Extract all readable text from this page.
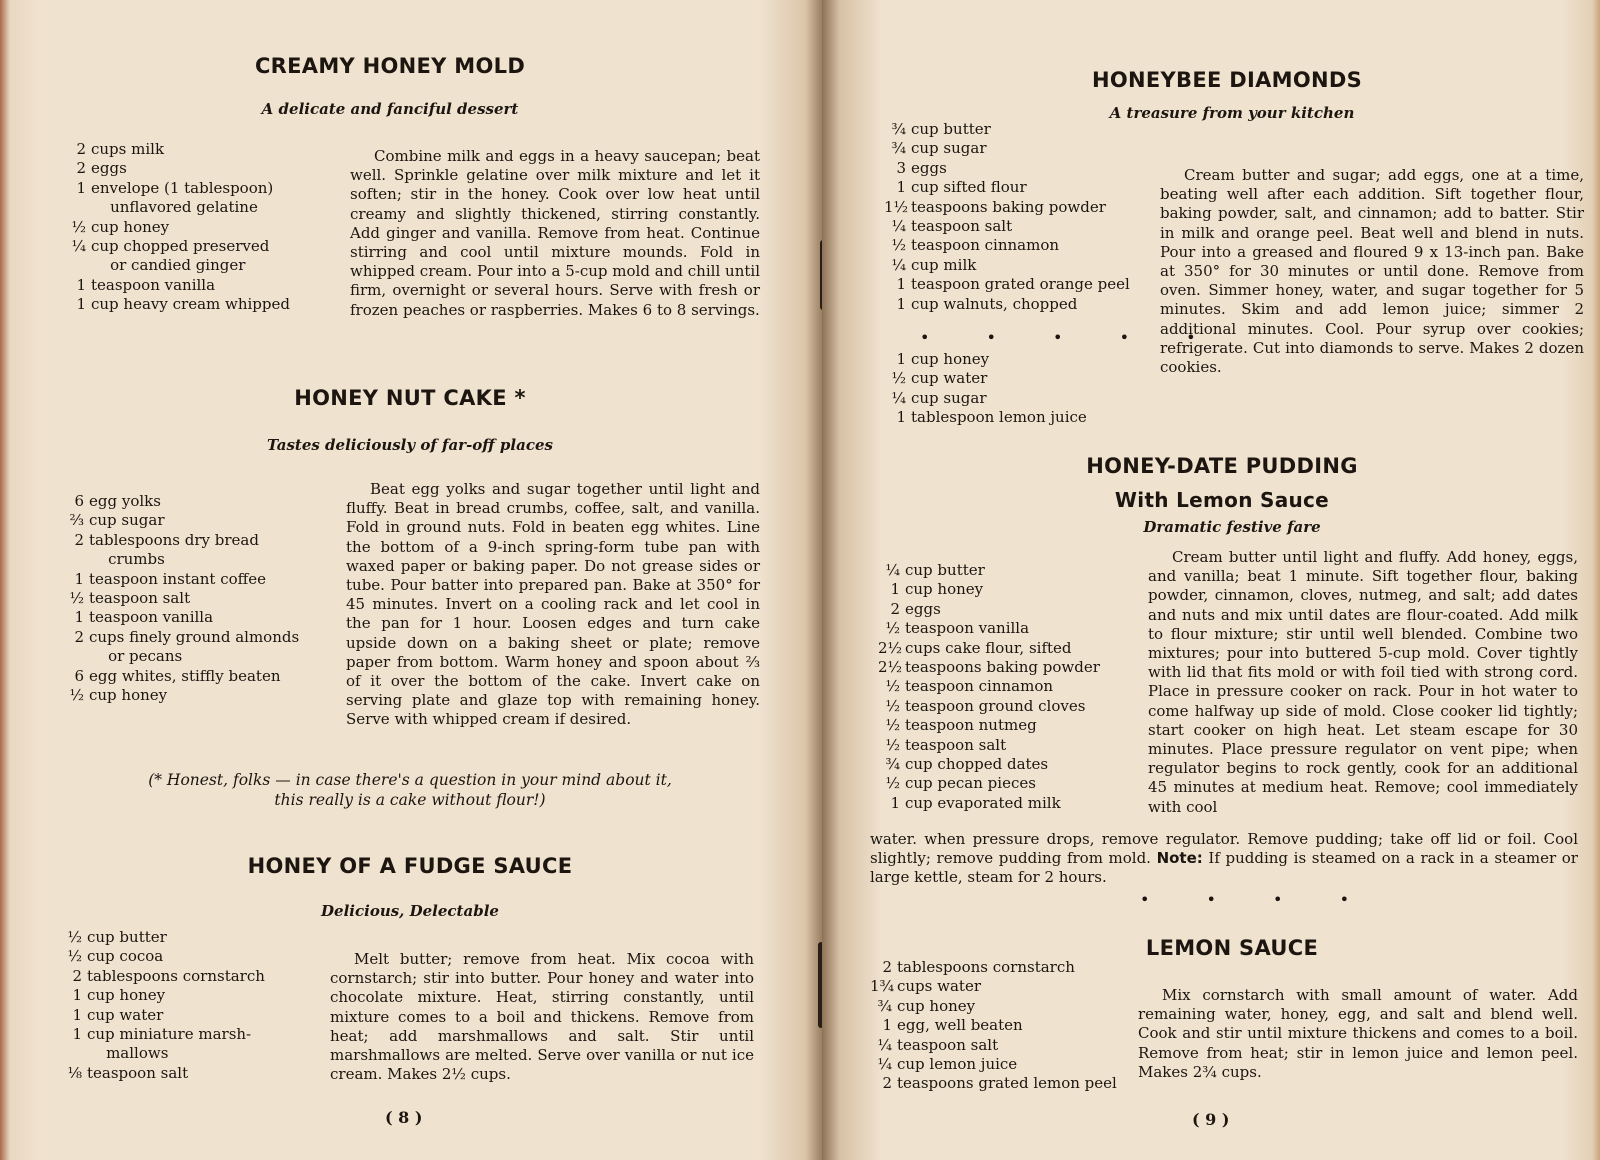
CREAMY HONEY MOLD

A delicate and fanciful dessert

2 cups milk
2 eggs
1 envelope (1 tablespoon)
unflavored gelatine
½ cup honey
¼ cup chopped preserved
or candied ginger
1 teaspoon vanilla
1 cup heavy cream whipped

Combine milk and eggs in a heavy saucepan; beat well. Sprinkle gelatine over milk mixture and let it soften; stir in the honey. Cook over low heat until creamy and slightly thickened, stirring constantly. Add ginger and vanilla. Remove from heat. Continue stirring and cool until mixture mounds. Fold in whipped cream. Pour into a 5-cup mold and chill until firm, overnight or several hours. Serve with fresh or frozen peaches or raspberries. Makes 6 to 8 servings.

HONEY NUT CAKE *

Tastes deliciously of far-off places

6 egg yolks
⅔ cup sugar
2 tablespoons dry bread
crumbs
1 teaspoon instant coffee
½ teaspoon salt
1 teaspoon vanilla
2 cups finely ground almonds
or pecans
6 egg whites, stiffly beaten
½ cup honey

Beat egg yolks and sugar together until light and fluffy. Beat in bread crumbs, coffee, salt, and vanilla. Fold in ground nuts. Fold in beaten egg whites. Line the bottom of a 9-inch spring-form tube pan with waxed paper or baking paper. Do not grease sides or tube. Pour batter into prepared pan. Bake at 350° for 45 minutes. Invert on a cooling rack and let cool in the pan for 1 hour. Loosen edges and turn cake upside down on a baking sheet or plate; remove paper from bottom. Warm honey and spoon about ⅔ of it over the bottom of the cake. Invert cake on serving plate and glaze top with remaining honey. Serve with whipped cream if desired.

(* Honest, folks — in case there's a question in your mind about it,

this really is a cake without flour!)

HONEY OF A FUDGE SAUCE

Delicious, Delectable

½ cup butter
½ cup cocoa
2 tablespoons cornstarch
1 cup honey
1 cup water
1 cup miniature marsh-
mallows
⅛ teaspoon salt

Melt butter; remove from heat. Mix cocoa with cornstarch; stir into butter. Pour honey and water into chocolate mixture. Heat, stirring constantly, until mixture comes to a boil and thickens. Remove from heat; add marshmallows and salt. Stir until marshmallows are melted. Serve over vanilla or nut ice cream. Makes 2½ cups.

( 8 )

HONEYBEE DIAMONDS

A treasure from your kitchen

¾ cup butter
¾ cup sugar
3 eggs
1 cup sifted flour
1½ teaspoons baking powder
¼ teaspoon salt
½ teaspoon cinnamon
¼ cup milk
1 teaspoon grated orange peel
1 cup walnuts, chopped

• • • • •

1 cup honey
½ cup water
¼ cup sugar
1 tablespoon lemon juice

Cream butter and sugar; add eggs, one at a time, beating well after each addition. Sift together flour, baking powder, salt, and cinnamon; add to batter. Stir in milk and orange peel. Beat well and blend in nuts. Pour into a greased and floured 9 x 13-inch pan. Bake at 350° for 30 minutes or until done. Remove from oven. Simmer honey, water, and sugar together for 5 minutes. Skim and add lemon juice; simmer 2 additional minutes. Cool. Pour syrup over cookies; refrigerate. Cut into diamonds to serve. Makes 2 dozen cookies.

HONEY-DATE PUDDING
With Lemon Sauce

Dramatic festive fare

¼ cup butter
1 cup honey
2 eggs
½ teaspoon vanilla
2½ cups cake flour, sifted
2½ teaspoons baking powder
½ teaspoon cinnamon
½ teaspoon ground cloves
½ teaspoon nutmeg
½ teaspoon salt
¾ cup chopped dates
½ cup pecan pieces
1 cup evaporated milk

Cream butter until light and fluffy. Add honey, eggs, and vanilla; beat 1 minute. Sift together flour, baking powder, cinnamon, cloves, nutmeg, and salt; add dates and nuts and mix until dates are flour-coated. Add milk to flour mixture; stir until well blended. Combine two mixtures; pour into buttered 5-cup mold. Cover tightly with lid that fits mold or with foil tied with strong cord. Place in pressure cooker on rack. Pour in hot water to come halfway up side of mold. Close cooker lid tightly; start cooker on high heat. Let steam escape for 30 minutes. Place pressure regulator on vent pipe; when regulator begins to rock gently, cook for an additional 45 minutes at medium heat. Remove; cool immediately with cool

water. when pressure drops, remove regulator. Remove pudding; take off lid or foil. Cool slightly; remove pudding from mold. Note: If pudding is steamed on a rack in a steamer or large kettle, steam for 2 hours.

• • • •

LEMON SAUCE
2 tablespoons cornstarch
1¾ cups water
¾ cup honey
1 egg, well beaten
¼ teaspoon salt
¼ cup lemon juice
2 teaspoons grated lemon peel

Mix cornstarch with small amount of water. Add remaining water, honey, egg, and salt and blend well. Cook and stir until mixture thickens and comes to a boil. Remove from heat; stir in lemon juice and lemon peel. Makes 2¾ cups.

( 9 )
